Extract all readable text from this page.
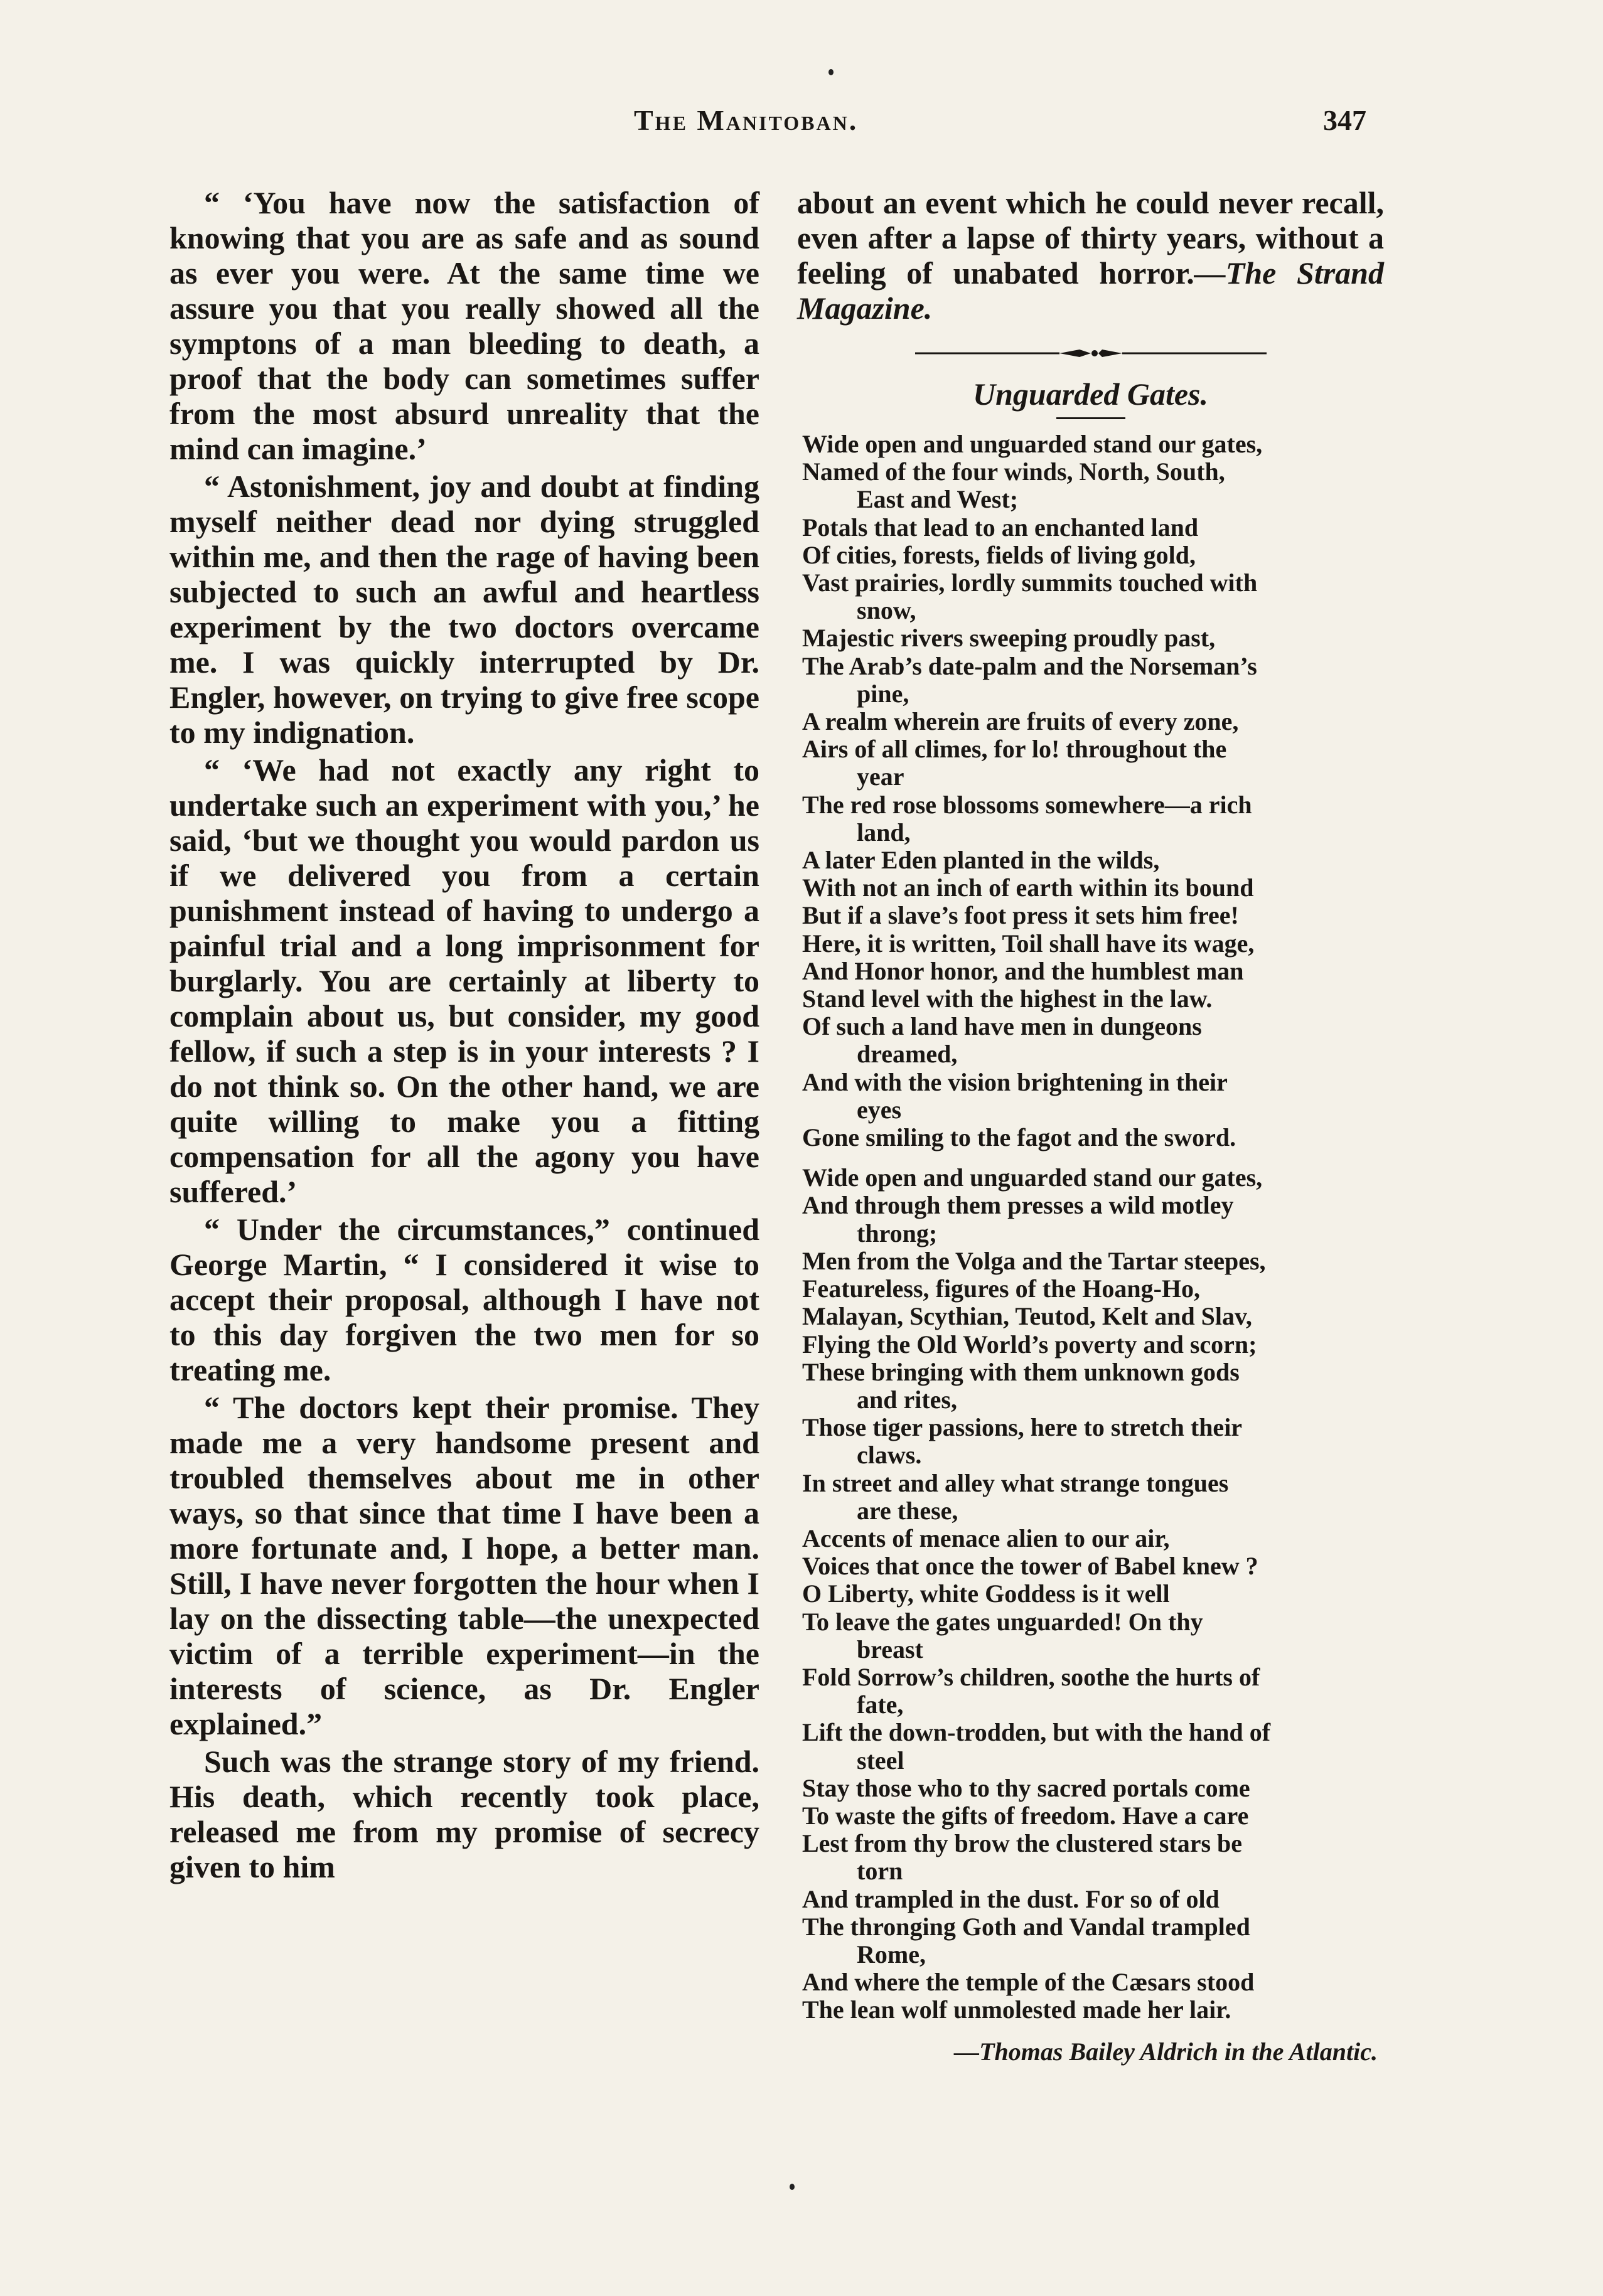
The Manitoban.	347

“ ‘You have now the satisfaction of knowing that you are as safe and as sound as ever you were. At the same time we assure you that you really showed all the symptons of a man bleeding to death, a proof that the body can sometimes suffer from the most absurd unreality that the mind can imagine.’

“ Astonishment, joy and doubt at finding myself neither dead nor dying struggled within me, and then the rage of having been subjected to such an awful and heartless experiment by the two doctors overcame me. I was quickly interrupted by Dr. Engler, however, on trying to give free scope to my indignation.

“ ‘We had not exactly any right to undertake such an experiment with you,’ he said, ‘but we thought you would pardon us if we delivered you from a certain punishment instead of having to undergo a painful trial and a long imprisonment for burglarly. You are certainly at liberty to complain about us, but consider, my good fellow, if such a step is in your interests ? I do not think so. On the other hand, we are quite willing to make you a fitting compensation for all the agony you have suffered.’

“ Under the circumstances,” continued George Martin, “ I considered it wise to accept their proposal, although I have not to this day forgiven the two men for so treating me.

“ The doctors kept their promise. They made me a very handsome present and troubled themselves about me in other ways, so that since that time I have been a more fortunate and, I hope, a better man. Still, I have never forgotten the hour when I lay on the dissecting table—the unexpected victim of a terrible experiment—in the interests of science, as Dr. Engler explained.”

Such was the strange story of my friend. His death, which recently took place, released me from my promise of secrecy given to him

about an event which he could never recall, even after a lapse of thirty years, without a feeling of unabated horror.—The Strand Magazine.

Unguarded Gates.
Wide open and unguarded stand our gates,
Named of the four winds, North, South,
East and West;
Potals that lead to an enchanted land
Of cities, forests, fields of living gold,
Vast prairies, lordly summits touched with
snow,
Majestic rivers sweeping proudly past,
The Arab’s date-palm and the Norseman’s
pine,
A realm wherein are fruits of every zone,
Airs of all climes, for lo! throughout the
year
The red rose blossoms somewhere—a rich
land,
A later Eden planted in the wilds,
With not an inch of earth within its bound
But if a slave’s foot press it sets him free!
Here, it is written, Toil shall have its wage,
And Honor honor, and the humblest man
Stand level with the highest in the law.
Of such a land have men in dungeons
dreamed,
And with the vision brightening in their
eyes
Gone smiling to the fagot and the sword.
Wide open and unguarded stand our gates,
And through them presses a wild motley
throng;
Men from the Volga and the Tartar steepes,
Featureless, figures of the Hoang-Ho,
Malayan, Scythian, Teutod, Kelt and Slav,
Flying the Old World’s poverty and scorn;
These bringing with them unknown gods
and rites,
Those tiger passions, here to stretch their
claws.
In street and alley what strange tongues
are these,
Accents of menace alien to our air,
Voices that once the tower of Babel knew ?
O Liberty, white Goddess is it well
To leave the gates unguarded! On thy
breast
Fold Sorrow’s children, soothe the hurts of
fate,
Lift the down-trodden, but with the hand of
steel
Stay those who to thy sacred portals come
To waste the gifts of freedom. Have a care
Lest from thy brow the clustered stars be
torn
And trampled in the dust. For so of old
The thronging Goth and Vandal trampled
Rome,
And where the temple of the Cæsars stood
The lean wolf unmolested made her lair.
—Thomas Bailey Aldrich in the Atlantic.
